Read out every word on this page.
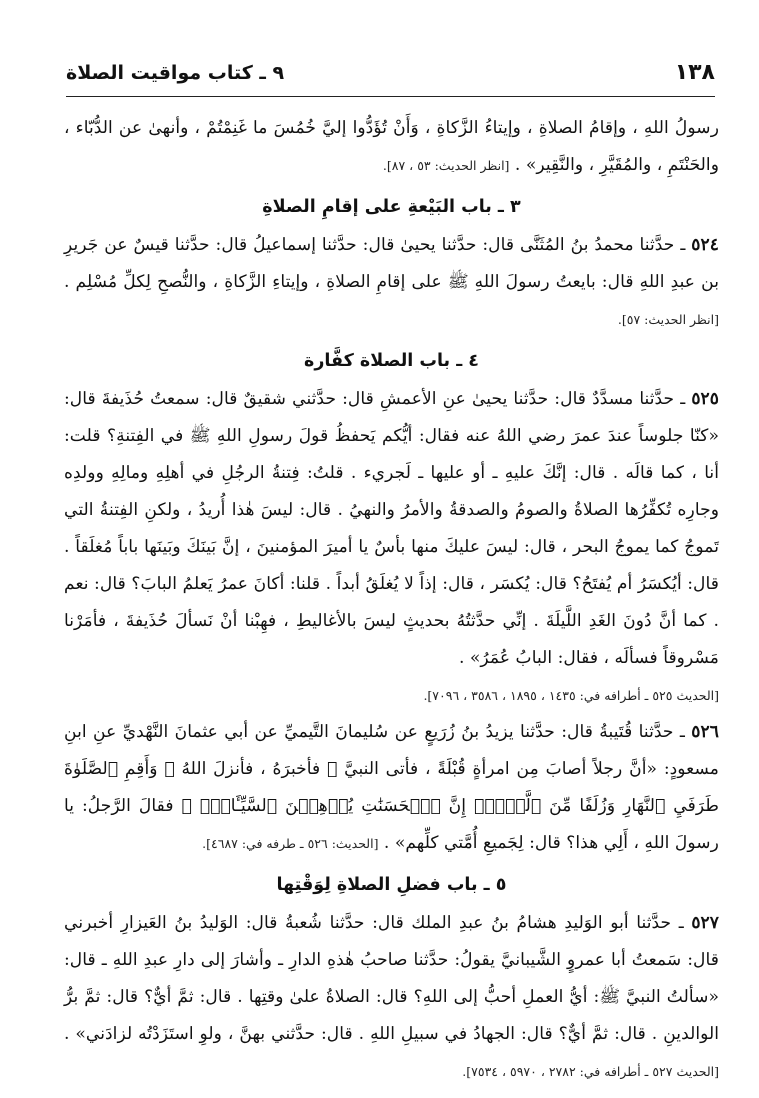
١٣٨
٩ ـ كتاب مواقيت الصلاة

رسولُ اللهِ ، وإقامُ الصلاةِ ، وإيتاءُ الزَّكاةِ ، وَأَنْ تُؤَدُّوا إليَّ خُمُسَ ما غَنِمْتُمْ ، وأنهىٰ عن الدُّبّاء ، والحَنْتَمِ ، والمُقَيَّرِ ، والنَّقِير» . [انظر الحديث: ٥٣ ، ٨٧].

٣ ـ باب البَيْعةِ على إقامِ الصلاةِ

٥٢٤ ـ حدَّثنا محمدُ بنُ المُثَنَّى قال: حدَّثنا يحيىٰ قال: حدَّثنا إسماعيلُ قال: حدَّثنا قيسٌ عن جَريرِ بن عبدِ اللهِ قال: بايعتُ رسولَ اللهِ ﷺ على إقامِ الصلاةِ ، وإيتاءِ الزَّكاةِ ، والنُّصحِ لِكلِّ مُسْلِم . [انظر الحديث: ٥٧].

٤ ـ باب الصلاة كفَّارة

٥٢٥ ـ حدَّثنا مسدَّدٌ قال: حدَّثنا يحيىٰ عنِ الأعمشِ قال: حدَّثني شقيقٌ قال: سمعتُ حُذَيفةَ قال: «كنّا جلوساً عندَ عمرَ رضي اللهُ عنه فقال: أيُّكم يَحفظُ قولَ رسولِ اللهِ ﷺ في الفِتنةِ؟ قلت: أنا ، كما قالَه . قال: إنَّكَ عليهِ ـ أو عليها ـ لَجريء . قلتُ: فِتنةُ الرجُلِ في أهلِهِ ومالِهِ وولدِه وجارِه تُكفِّرُها الصلاةُ والصومُ والصدقةُ والأمرُ والنهيُ . قال: ليسَ هٰذا أُريدُ ، ولكنِ الفِتنةُ التي تَموجُ كما يموجُ البحر ، قال: ليسَ عليكَ منها بأسٌ يا أميرَ المؤمنينَ ، إنَّ بَينَكَ وبَينَها باباً مُغلَقاً . قال: أيُكسَرُ أم يُفتَحُ؟ قال: يُكسَر ، قال: إذاً لا يُغلَقُ أبداً . قلنا: أكانَ عمرُ يَعلمُ البابَ؟ قال: نعم . كما أنَّ دُونَ الغَدِ اللَّيلَةَ . إنِّي حدَّثتُهُ بحديثٍ ليسَ بالأغاليطِ ، فهِبْنا أنْ نَسألَ حُذَيفةَ ، فأمَرْنا مَسْروقاً فسألَه ، فقال: البابُ عُمَرُ» .

[الحديث ٥٢٥ ـ أطرافه في: ١٤٣٥ ، ١٨٩٥ ، ٣٥٨٦ ، ٧٠٩٦].

٥٢٦ ـ حدَّثنا قُتَيبةُ قال: حدَّثنا يزيدُ بنُ زُرَيعٍ عن سُليمانَ التَّيميِّ عن أبي عثمانَ النَّهْديِّ عنِ ابنِ مسعودٍ: «أنَّ رجلاً أصابَ مِن امرأةٍ قُبْلَةً ، فأتى النبيَّ ﷺ فأخبرَهُ ، فأنزلَ اللهُ ﴿ وَأَقِمِ ٱلصَّلَوٰةَ طَرَفَيِ ٱلنَّهَارِ وَزُلَفًا مِّنَ ٱلَّيۡلِۚ إِنَّ ٱلۡحَسَنَٰتِ يُذۡهِبۡنَ ٱلسَّيِّـَٔاتِۚ ﴾ فقالَ الرَّجلُ: يا رسولَ اللهِ ، أَلِي هذا؟ قال: لِجَميعِ أُمَّتي كلِّهم» . [الحديث: ٥٢٦ ـ طرفه في: ٤٦٨٧].

٥ ـ باب فضلِ الصلاةِ لِوَقْتِها

٥٢٧ ـ حدَّثنا أبو الوَليدِ هشامُ بنُ عبدِ الملك قال: حدَّثنا شُعبةُ قال: الوَليدُ بنُ العَيزارِ أخبرني قال: سَمعتُ أبا عمروٍ الشَّيبانيَّ يقولُ: حدَّثنا صاحبُ هٰذهِ الدارِ ـ وأشارَ إلى دارِ عبدِ اللهِ ـ قال: «سألتُ النبيَّ ﷺ: أيُّ العملِ أحبُّ إلى اللهِ؟ قال: الصلاةُ علىٰ وقتِها . قال: ثمَّ أيٌّ؟ قال: ثمَّ برُّ الوالدينِ . قال: ثمَّ أيٌّ؟ قال: الجهادُ في سبيلِ اللهِ . قال: حدَّثني بهنَّ ، ولوِ استَزَدْتُه لزادَني» . [الحديث ٥٢٧ ـ أطرافه في: ٢٧٨٢ ، ٥٩٧٠ ، ٧٥٣٤].
